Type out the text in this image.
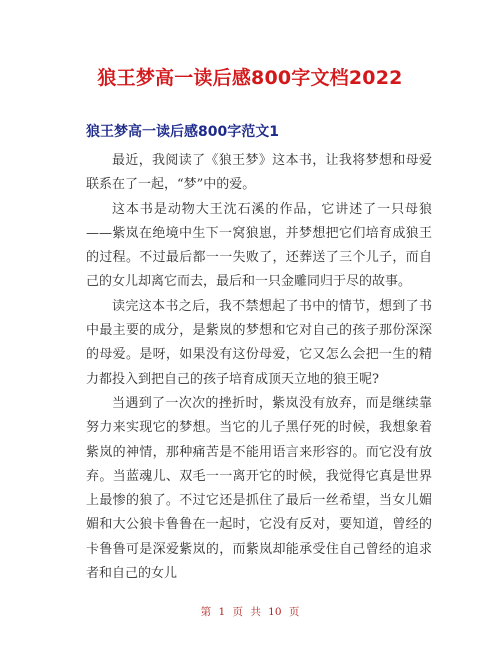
狼王梦高一读后感800字文档2022
狼王梦高一读后感800字范文1

最近，我阅读了《狼王梦》这本书，让我将梦想和母爱联系在了一起，“梦”中的爱。

这本书是动物大王沈石溪的作品，它讲述了一只母狼——紫岚在绝境中生下一窝狼崽，并梦想把它们培育成狼王的过程。不过最后都一一失败了，还葬送了三个儿子，而自己的女儿却离它而去，最后和一只金雕同归于尽的故事。

读完这本书之后，我不禁想起了书中的情节，想到了书中最主要的成分，是紫岚的梦想和它对自己的孩子那份深深的母爱。是呀，如果没有这份母爱，它又怎么会把一生的精力都投入到把自己的孩子培育成顶天立地的狼王呢?

当遇到了一次次的挫折时，紫岚没有放弃，而是继续靠努力来实现它的梦想。当它的儿子黑仔死的时候，我想象着紫岚的神情，那种痛苦是不能用语言来形容的。而它没有放弃。当蓝魂儿、双毛一一离开它的时候，我觉得它真是世界上最惨的狼了。不过它还是抓住了最后一丝希望，当女儿媚媚和大公狼卡鲁鲁在一起时，它没有反对，要知道，曾经的卡鲁鲁可是深爱紫岚的，而紫岚却能承受住自己曾经的追求者和自己的女儿

第 1 页 共 10 页
